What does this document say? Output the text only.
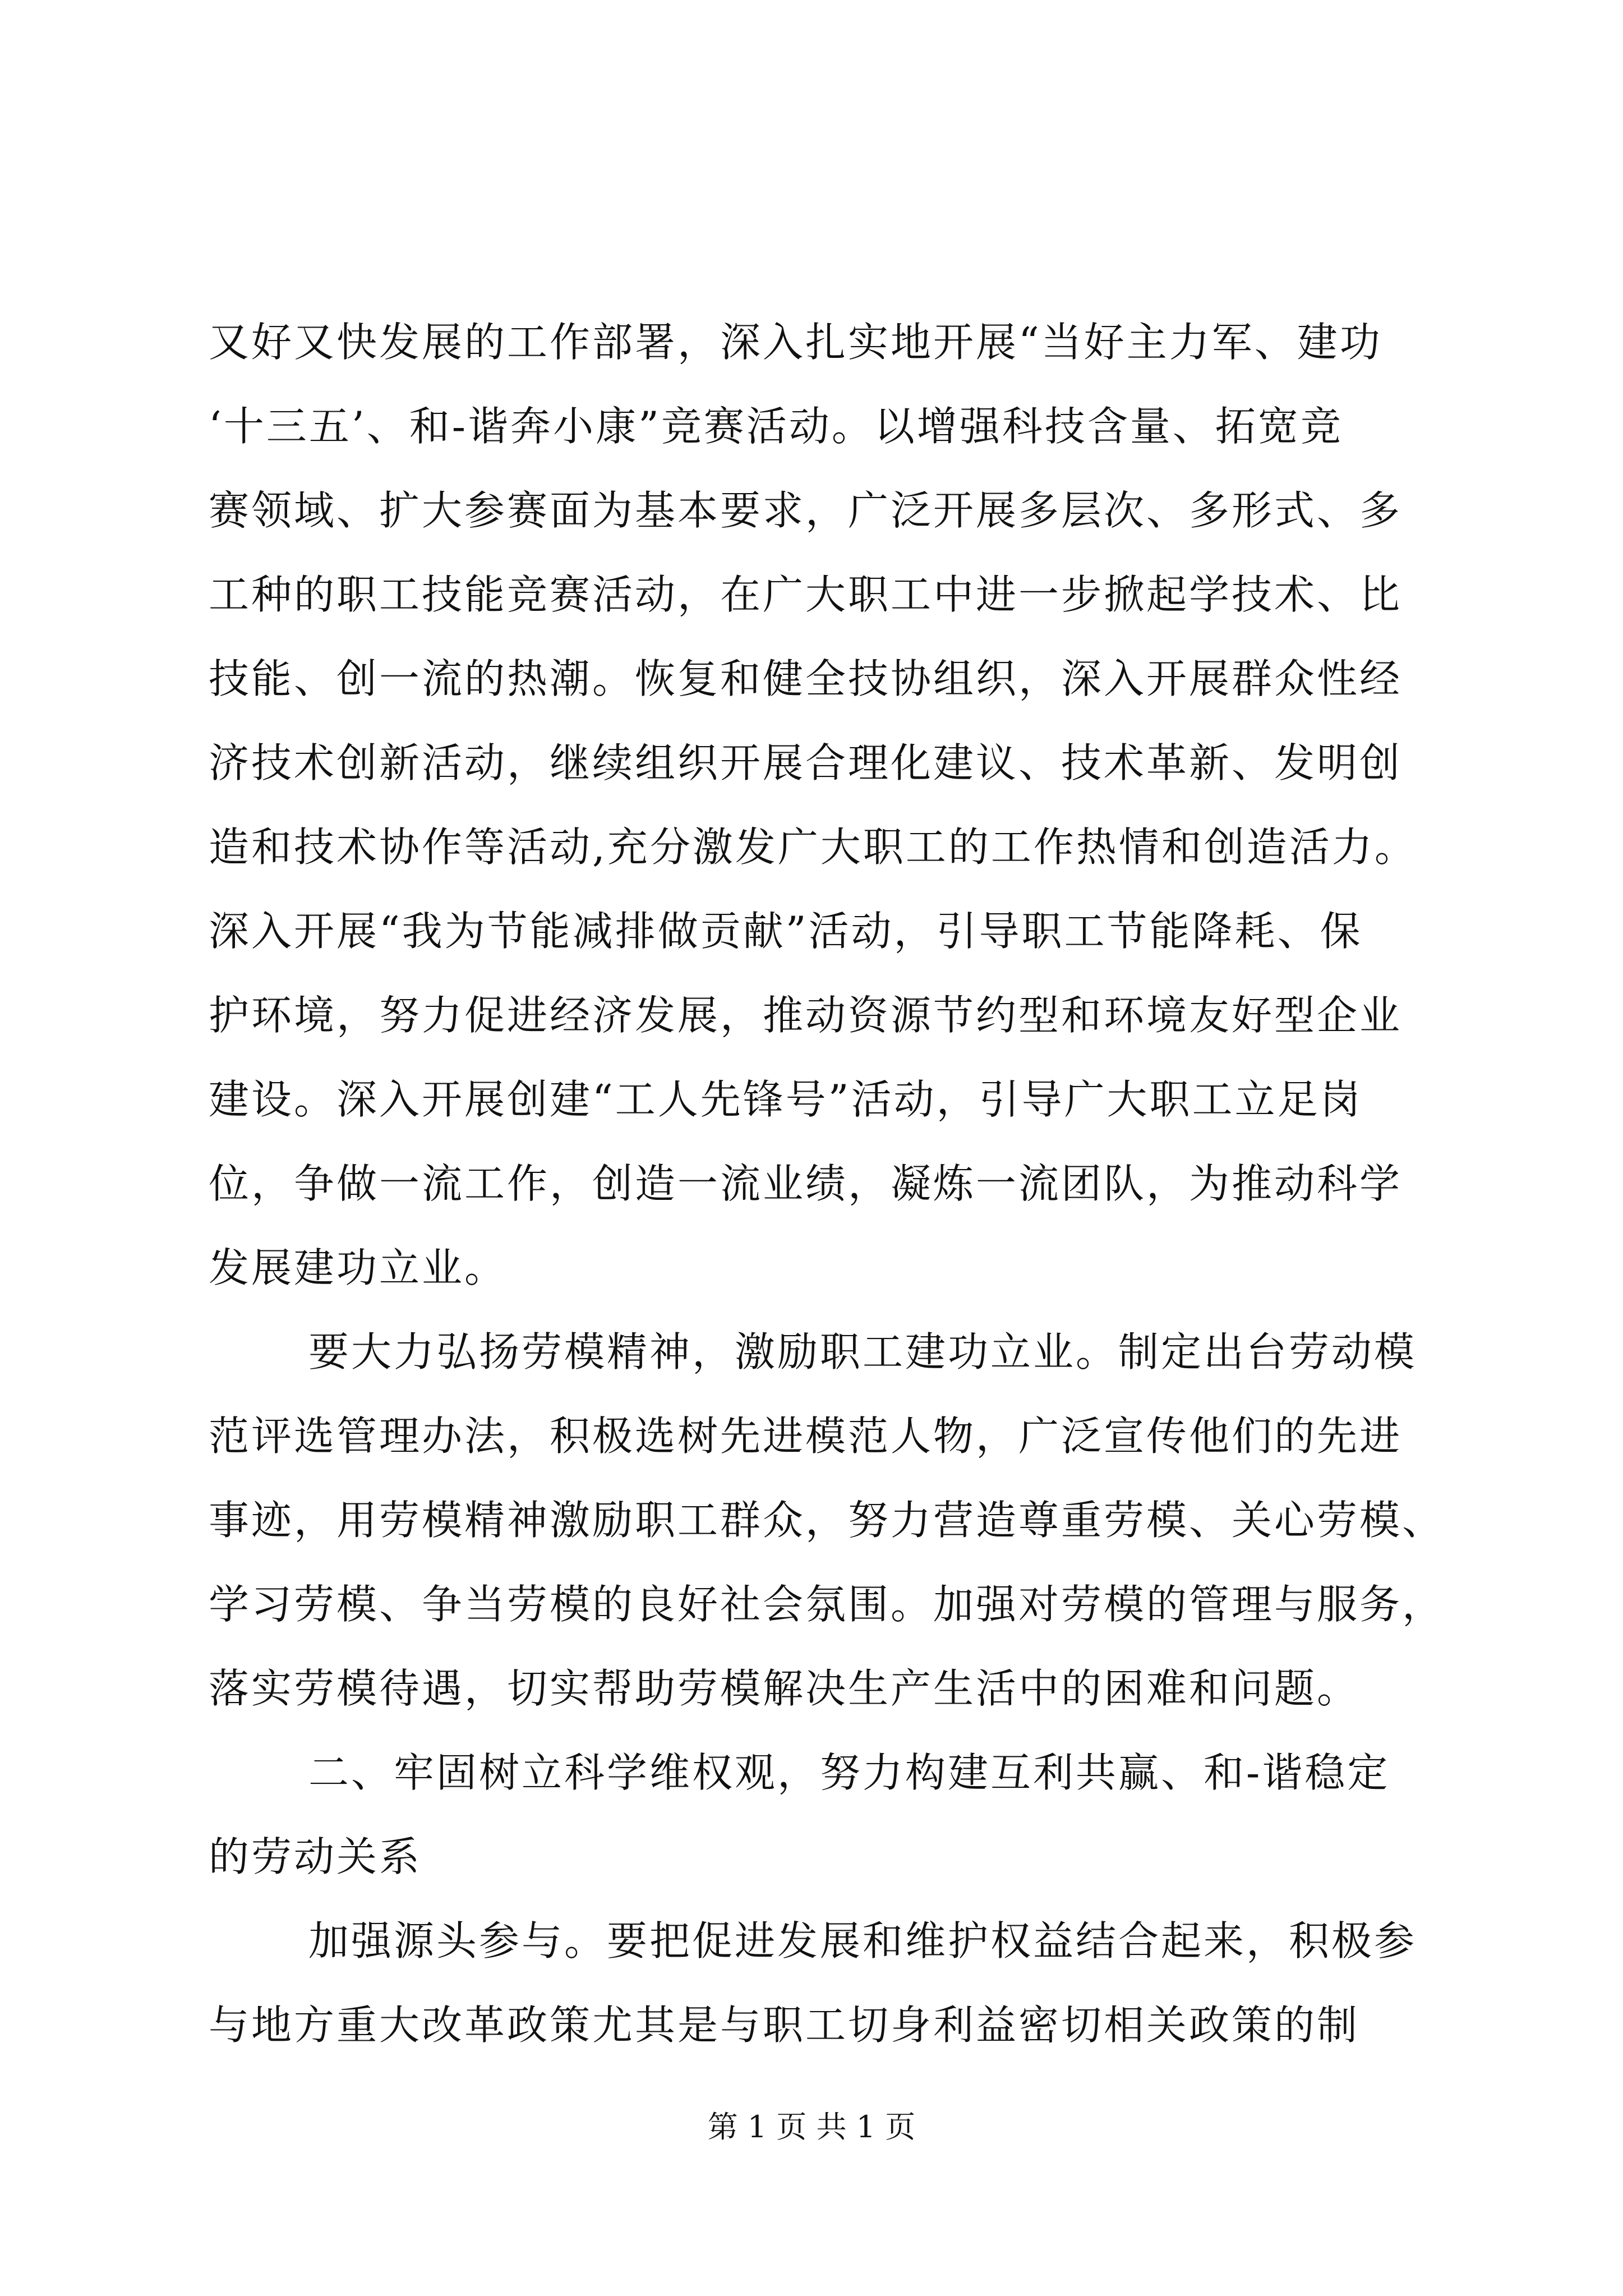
又好又快发展的工作部署，深入扎实地开展“当好主力军、建功
‘十三五’、和-谐奔小康”竞赛活动。以增强科技含量、拓宽竞
赛领域、扩大参赛面为基本要求，广泛开展多层次、多形式、多
工种的职工技能竞赛活动，在广大职工中进一步掀起学技术、比
技能、创一流的热潮。恢复和健全技协组织，深入开展群众性经
济技术创新活动，继续组织开展合理化建议、技术革新、发明创
造和技术协作等活动,充分激发广大职工的工作热情和创造活力。
深入开展“我为节能减排做贡献”活动，引导职工节能降耗、保
护环境，努力促进经济发展，推动资源节约型和环境友好型企业
建设。深入开展创建“工人先锋号”活动，引导广大职工立足岗
位，争做一流工作，创造一流业绩，凝炼一流团队，为推动科学
发展建功立业。
要大力弘扬劳模精神，激励职工建功立业。制定出台劳动模
范评选管理办法，积极选树先进模范人物，广泛宣传他们的先进
事迹，用劳模精神激励职工群众，努力营造尊重劳模、关心劳模、
学习劳模、争当劳模的良好社会氛围。加强对劳模的管理与服务，
落实劳模待遇，切实帮助劳模解决生产生活中的困难和问题。
二、牢固树立科学维权观，努力构建互利共赢、和-谐稳定
的劳动关系
加强源头参与。要把促进发展和维护权益结合起来，积极参
与地方重大改革政策尤其是与职工切身利益密切相关政策的制
第 1 页 共 1 页
